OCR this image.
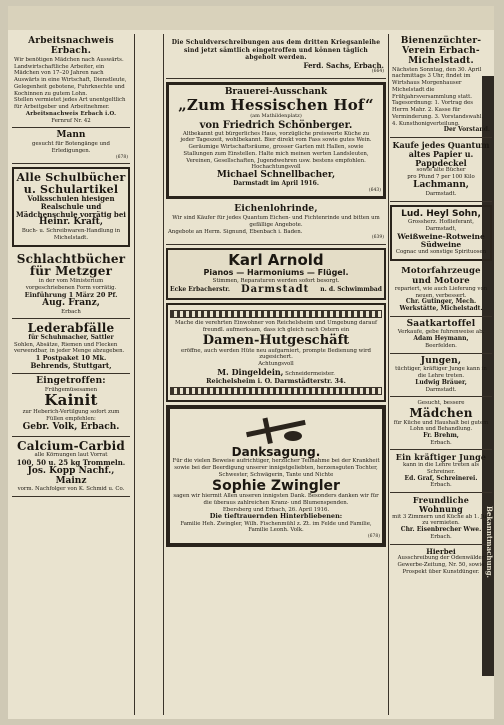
Arbeitsnachweis Erbach.
Wir benötigen Mädchen nach Auswärts. Landwirtschaftliche Arbeiter, ein Mädchen von 17–20 Jahren nach Auswärts in eine Wirtschaft, Dienstleute, Gelegenheit gebotene, Fuhrknechte und Kochinnen zu gutem Lohn.
Stellen vermietet jedes Art unentgeltlich für Arbeitgeber und Arbeitnehmer.
Arbeitsnachweis Erbach i.O.
Fernruf Nr. 42
Mann
gesucht für Botengänge und Erledigungen.
(678)
Alle Schulbücher u. Schulartikel
Volksschulen hiesigen Realschule und Mädchenschule vorrätig bei
Heinr. Kraft,
Buch- u. Schreibwaren-Handlung in Michelstadt.
Schlachtbücher für Metzger
in der vom Ministerium vorgeschriebenen Form vorrätig.
Einführung 1 März 20 Pf.
Aug. Franz,
Erbach
Lederabfälle
für Schuhmacher, Sattler
Sohlen, Absätze, Riemen und Flecken verwendbar, in jeder Menge abzugeben.
1 Postpaket 10 Mk.
Behrends, Stuttgart,
Eingetroffen:
Frühgemüsesamen
Kainit
zur Heberich-Vertilgung sofort zum Füllen empfehlen:
Gebr. Volk, Erbach.
Calcium-Carbid
alle Körnungen laut Vorrat
100, 50 u. 25 kg Trommeln.
Jos. Kopp Nachf., Mainz
vorm. Nachfolger von K. Schmid u. Co.
Die Schuldverschreibungen aus dem dritten Kriegsanleihe sind jetzt sämtlich eingetroffen und können täglich abgeholt werden.
Ferd. Sachs, Erbach.
(664)
Brauerei-Ausschank
„Zum Hessischen Hof“
(am Mathildenplatz)
von Friedrich Schönberger.
Altbekannt gut bürgerliches Haus, vorzügliche preiswerte Küche zu jeder Tageszeit, wohlbekannt. Bier direkt vom Fass sowie gutes Wein. Geräumige Wirtschaftsräume, grosser Garten mit Hallen, sowie Stallungen zum Einstellen. Halte mich meinen werten Landsleuten, Vereinen, Gesellschaften, Jugendwehren usw. bestens empfohlen.
Hochachtungsvoll
Michael Schnellbacher,
Darmstadt im April 1916.
(643)
Eichenlohrinde,
Wir sind Käufer für jedes Quantum Eichen- und Fichtenrinde und bitten um gefällige Angebote.
Angebote an Herm. Signund, Ebenbach i. Baden.
(639)
Karl Arnold
Pianos — Harmoniums — Flügel.
Stimmen, Reparaturen werden sofort besorgt.
Ecke Erbacherstr. Darmstadt n. d. Schwimmbad
Mache die verehrten Einwohner von Reichelsheim und Umgebung darauf freundl. aufmerksam, dass ich gleich nach Ostern ein
Damen-Hutgeschäft
eröffne, auch werden Hüte neu aufgarniert, prompte Bedienung wird zugesichert.
Achtungsvoll
M. Dingeldein, Schneidermeister.
Reichelsheim i. O. Darmstädterstr. 34.
Danksagung.
Für die vielen Beweise aufrichtiger, herzlicher Teilnahme bei der Krankheit sowie bei der Beerdigung unserer innigstgeliebten, herzensguten Tochter, Schwester, Schwägerin, Tante und Nichte
Sophie Zwingler
sagen wir hiermit Allen unseren innigsten Dank. Besonders danken wir für die überaus zahlreichen Kranz- und Blumenspenden.
Ebersberg und Erbach, 26. April 1916.
Die tieftrauernden Hinterbliebenen:
Familie Heh. Zwingler, Wilh. Fischenmühl z. Zt. im Felde und Familie, Familie Leonh. Volk.
(678)
Bienenzüchter-Verein Erbach-Michelstadt.
Nächsten Sonntag, den 30. April nachmittags 3 Uhr, findet im Wirtshaus Morgenhauser Michelstadt die Frühjahrsversammlung statt.
Tagesordnung: 1. Vortrag des Herrn Mahr. 2. Kasse für Verminderung. 3. Vorstandswahl. 4. Kunsthonigverteilung.
Der Vorstand.
Kaufe jedes Quantum altes Papier u. Pappdeckel
sowie alte Bücher
pro Pfund 7 per 100 Kilo
Lachmann,
Darmstadt.
Lud. Heyl Sohn,
Grossherz. Hoflieferant, Darmstadt,
Weißweine-Rotweine Südweine
Cognac und sonstige Spirituosen
Motorfahrzeuge und Motore
repariert, wie auch Lieferung von neuen, verbessert.
Chr. Gutinger, Mech. Werkstätte, Michelstadt.
Saatkartoffel
Verkaufe, gebe fuhrenweise ab.
Adam Heymann,
Beerfelden.
Jungen,
tüchtiger, kräftiger Junge kann in die Lehre treten.
Ludwig Bräuer,
Darmstadt.
Gesucht, bessere
Mädchen
für Küche und Haushalt bei gutem Lohn und Behandlung.
Fr. Brehm,
Erbach.
Ein kräftiger Junge
kann in die Lehre treten als Schreiner.
Ed. Graf, Schreinerei.
Erbach.
Freundliche Wohnung
mit 3 Zimmern und Küche ab 1. Juli zu vermieten.
Chr. Eisenbrecher Wwe.
Erbach.
Hierbei
Ausschreibung der Odenwälder Gewerbe-Zeitung, Nr. 50, sowie Prospekt über Kunstdünger. Bekanntmachung.
